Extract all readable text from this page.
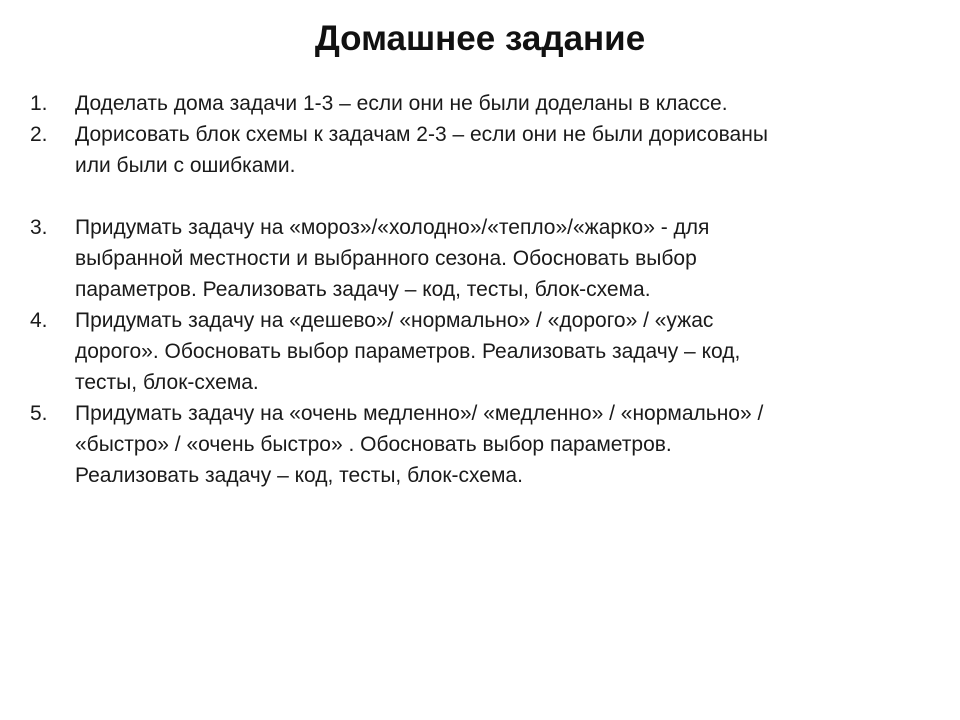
Домашнее задание
1.	Доделать дома задачи 1-3 – если они не были доделаны в классе.
2.	Дорисовать блок схемы к задачам 2-3 – если они не были дорисованы
или были с ошибками.
3.	Придумать задачу на «мороз»/«холодно»/«тепло»/«жарко» - для
выбранной местности и выбранного сезона. Обосновать выбор
параметров. Реализовать задачу – код, тесты, блок-схема.
4.	Придумать задачу на «дешево»/ «нормально» / «дорого» / «ужас
дорого». Обосновать выбор параметров. Реализовать задачу – код,
тесты, блок-схема.
5.	Придумать задачу на «очень медленно»/ «медленно» / «нормально» /
«быстро» / «очень быстро» . Обосновать выбор параметров.
Реализовать задачу – код, тесты, блок-схема.
